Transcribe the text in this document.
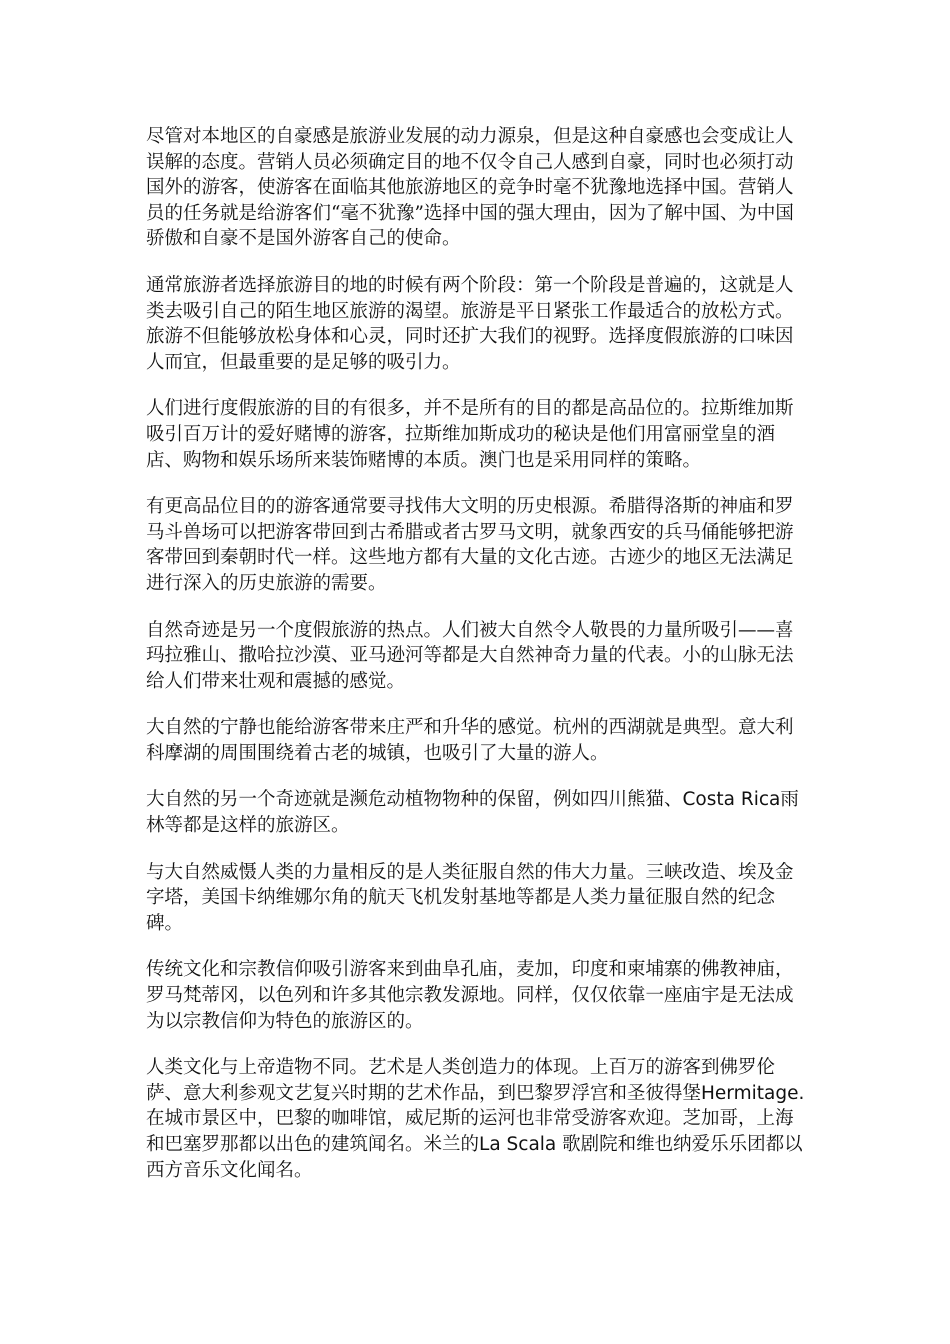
尽管对本地区的自豪感是旅游业发展的动力源泉，但是这种自豪感也会变成让人误解的态度。营销人员必须确定目的地不仅令自己人感到自豪，同时也必须打动国外的游客，使游客在面临其他旅游地区的竞争时毫不犹豫地选择中国。营销人员的任务就是给游客们“毫不犹豫”选择中国的强大理由，因为了解中国、为中国骄傲和自豪不是国外游客自己的使命。

通常旅游者选择旅游目的地的时候有两个阶段：第一个阶段是普遍的，这就是人类去吸引自己的陌生地区旅游的渴望。旅游是平日紧张工作最适合的放松方式。旅游不但能够放松身体和心灵，同时还扩大我们的视野。选择度假旅游的口味因人而宜，但最重要的是足够的吸引力。

人们进行度假旅游的目的有很多，并不是所有的目的都是高品位的。拉斯维加斯吸引百万计的爱好赌博的游客，拉斯维加斯成功的秘诀是他们用富丽堂皇的酒店、购物和娱乐场所来装饰赌博的本质。澳门也是采用同样的策略。

有更高品位目的的游客通常要寻找伟大文明的历史根源。希腊得洛斯的神庙和罗马斗兽场可以把游客带回到古希腊或者古罗马文明，就象西安的兵马俑能够把游客带回到秦朝时代一样。这些地方都有大量的文化古迹。古迹少的地区无法满足进行深入的历史旅游的需要。

自然奇迹是另一个度假旅游的热点。人们被大自然令人敬畏的力量所吸引——喜玛拉雅山、撒哈拉沙漠、亚马逊河等都是大自然神奇力量的代表。小的山脉无法给人们带来壮观和震撼的感觉。

大自然的宁静也能给游客带来庄严和升华的感觉。杭州的西湖就是典型。意大利科摩湖的周围围绕着古老的城镇，也吸引了大量的游人。

大自然的另一个奇迹就是濒危动植物物种的保留，例如四川熊猫、Costa Rica雨林等都是这样的旅游区。

与大自然威慑人类的力量相反的是人类征服自然的伟大力量。三峡改造、埃及金字塔，美国卡纳维娜尔角的航天飞机发射基地等都是人类力量征服自然的纪念碑。

传统文化和宗教信仰吸引游客来到曲阜孔庙，麦加，印度和柬埔寨的佛教神庙，罗马梵蒂冈，以色列和许多其他宗教发源地。同样，仅仅依靠一座庙宇是无法成为以宗教信仰为特色的旅游区的。

人类文化与上帝造物不同。艺术是人类创造力的体现。上百万的游客到佛罗伦萨、意大利参观文艺复兴时期的艺术作品，到巴黎罗浮宫和圣彼得堡Hermitage.在城市景区中，巴黎的咖啡馆，威尼斯的运河也非常受游客欢迎。芝加哥，上海和巴塞罗那都以出色的建筑闻名。米兰的La Scala 歌剧院和维也纳爱乐乐团都以西方音乐文化闻名。
